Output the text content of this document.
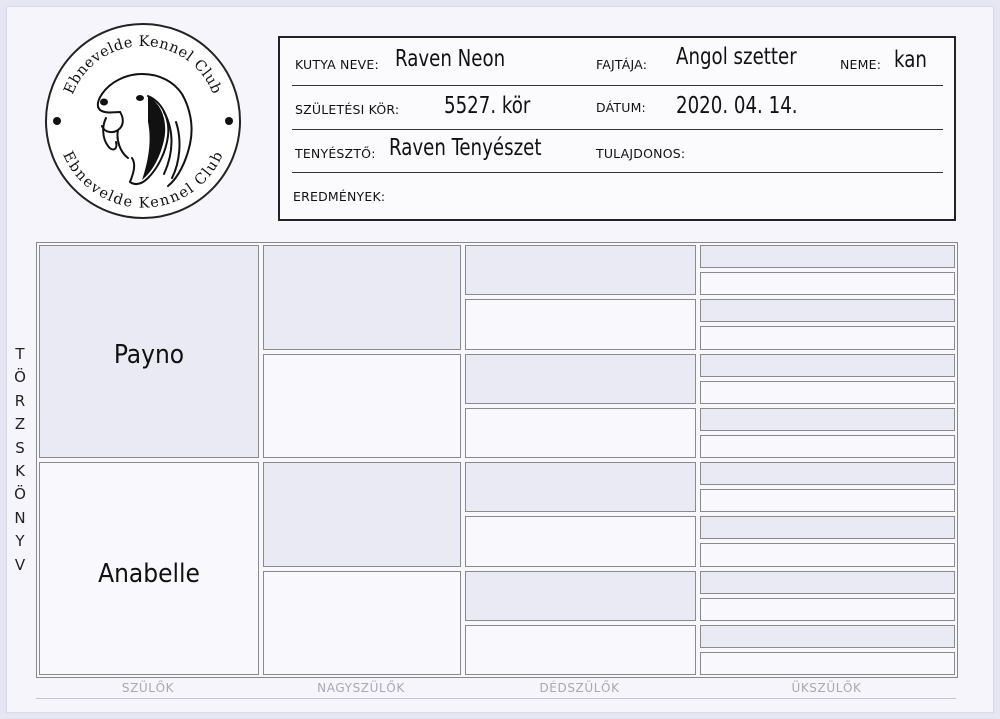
Ebnevelde Kennel Club
Ebnevelde Kennel Club
KUTYA NEVE: Raven Neon	FAJTÁJA: Angol szetter	NEME: kan
SZÜLETÉSI KÖR: 5527. kör	DÁTUM: 2020. 04. 14.
TENYÉSZTŐ: Raven Tenyészet	TULAJDONOS:
EREDMÉNYEK:
T
Ö
R
Z
S
K
Ö
N
Y
V
Payno
Anabelle
SZÜLŐK	NAGYSZÜLŐK	DÉDSZÜLŐK	ÜKSZÜLŐK
